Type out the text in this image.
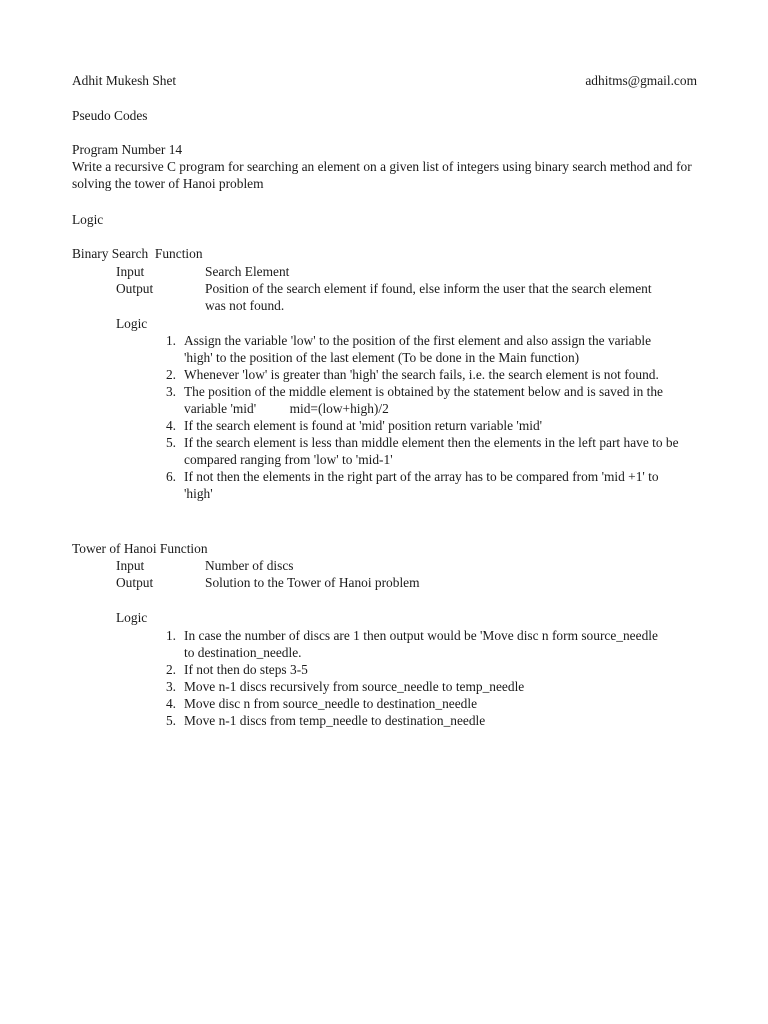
Adhit Mukesh Shet	adhitms@gmail.com
Pseudo Codes
Program Number 14
Write a recursive C program for searching an element on a given list of integers using binary search method and for solving the tower of Hanoi problem
Logic
Binary Search  Function
Input	Search Element
Output	Position of the search element if found, else inform the user that the search element was not found.
Logic
1. Assign the variable 'low' to the position of the first element and also assign the variable 'high' to the position of the last element (To be done in the Main function)
2. Whenever 'low' is greater than 'high' the search fails, i.e. the search element is not found.
3. The position of the middle element is obtained by the statement below and is saved in the variable 'mid'          mid=(low+high)/2
4. If the search element is found at 'mid' position return variable 'mid'
5. If the search element is less than middle element then the elements in the left part have to be compared ranging from 'low' to 'mid-1'
6. If not then the elements in the right part of the array has to be compared from 'mid +1' to 'high'
Tower of Hanoi Function
Input	Number of discs
Output	Solution to the Tower of Hanoi problem
Logic
1. In case the number of discs are 1 then output would be 'Move disc n form source_needle to destination_needle.
2. If not then do steps 3-5
3. Move n-1 discs recursively from source_needle to temp_needle
4. Move disc n from source_needle to destination_needle
5. Move n-1 discs from temp_needle to destination_needle
